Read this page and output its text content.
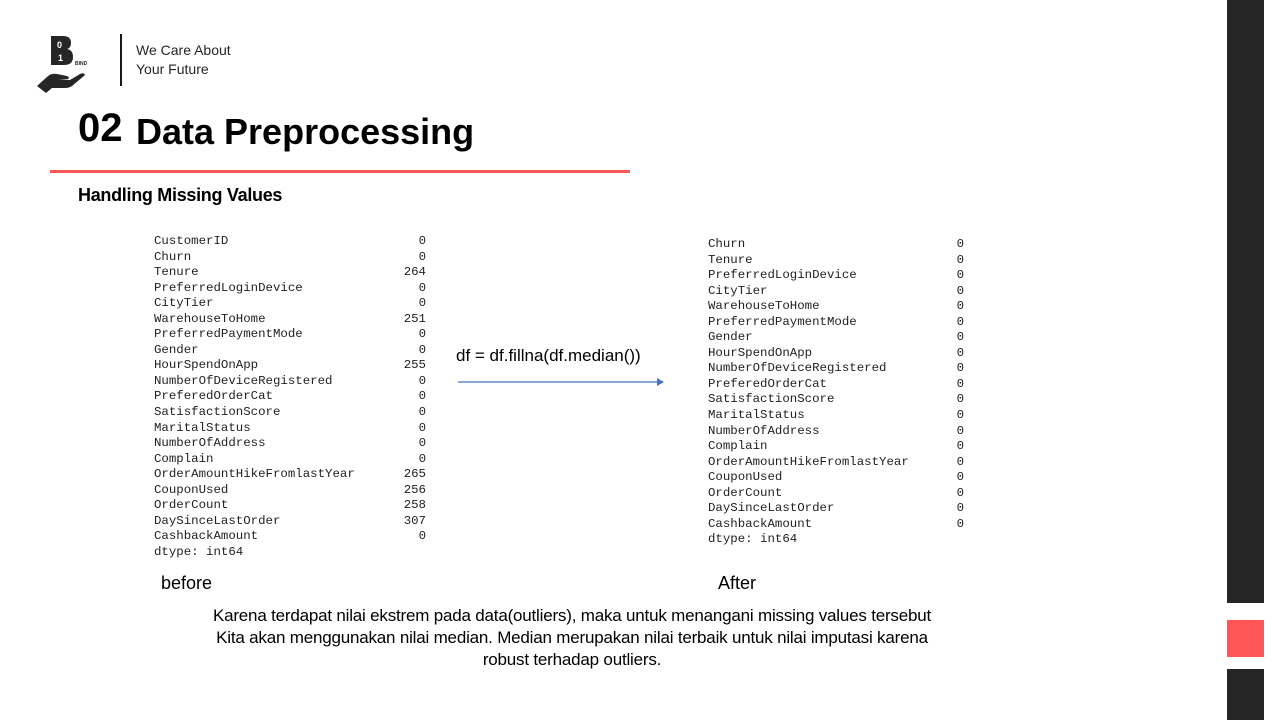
0
1
BIND
We Care About
Your Future
02 Data Preprocessing
Handling Missing Values
CustomerID	0
Churn	0
Tenure	264
PreferredLoginDevice	0
CityTier	0
WarehouseToHome	251
PreferredPaymentMode	0
Gender	0
HourSpendOnApp	255
NumberOfDeviceRegistered	0
PreferedOrderCat	0
SatisfactionScore	0
MaritalStatus	0
NumberOfAddress	0
Complain	0
OrderAmountHikeFromlastYear	265
CouponUsed	256
OrderCount	258
DaySinceLastOrder	307
CashbackAmount	0
dtype: int64
df = df.fillna(df.median())
Churn	0
Tenure	0
PreferredLoginDevice	0
CityTier	0
WarehouseToHome	0
PreferredPaymentMode	0
Gender	0
HourSpendOnApp	0
NumberOfDeviceRegistered	0
PreferedOrderCat	0
SatisfactionScore	0
MaritalStatus	0
NumberOfAddress	0
Complain	0
OrderAmountHikeFromlastYear	0
CouponUsed	0
OrderCount	0
DaySinceLastOrder	0
CashbackAmount	0
dtype: int64
before	After
Karena terdapat nilai ekstrem pada data(outliers), maka untuk menangani missing values tersebut
Kita akan menggunakan nilai median. Median merupakan nilai terbaik untuk nilai imputasi karena
robust terhadap outliers.
